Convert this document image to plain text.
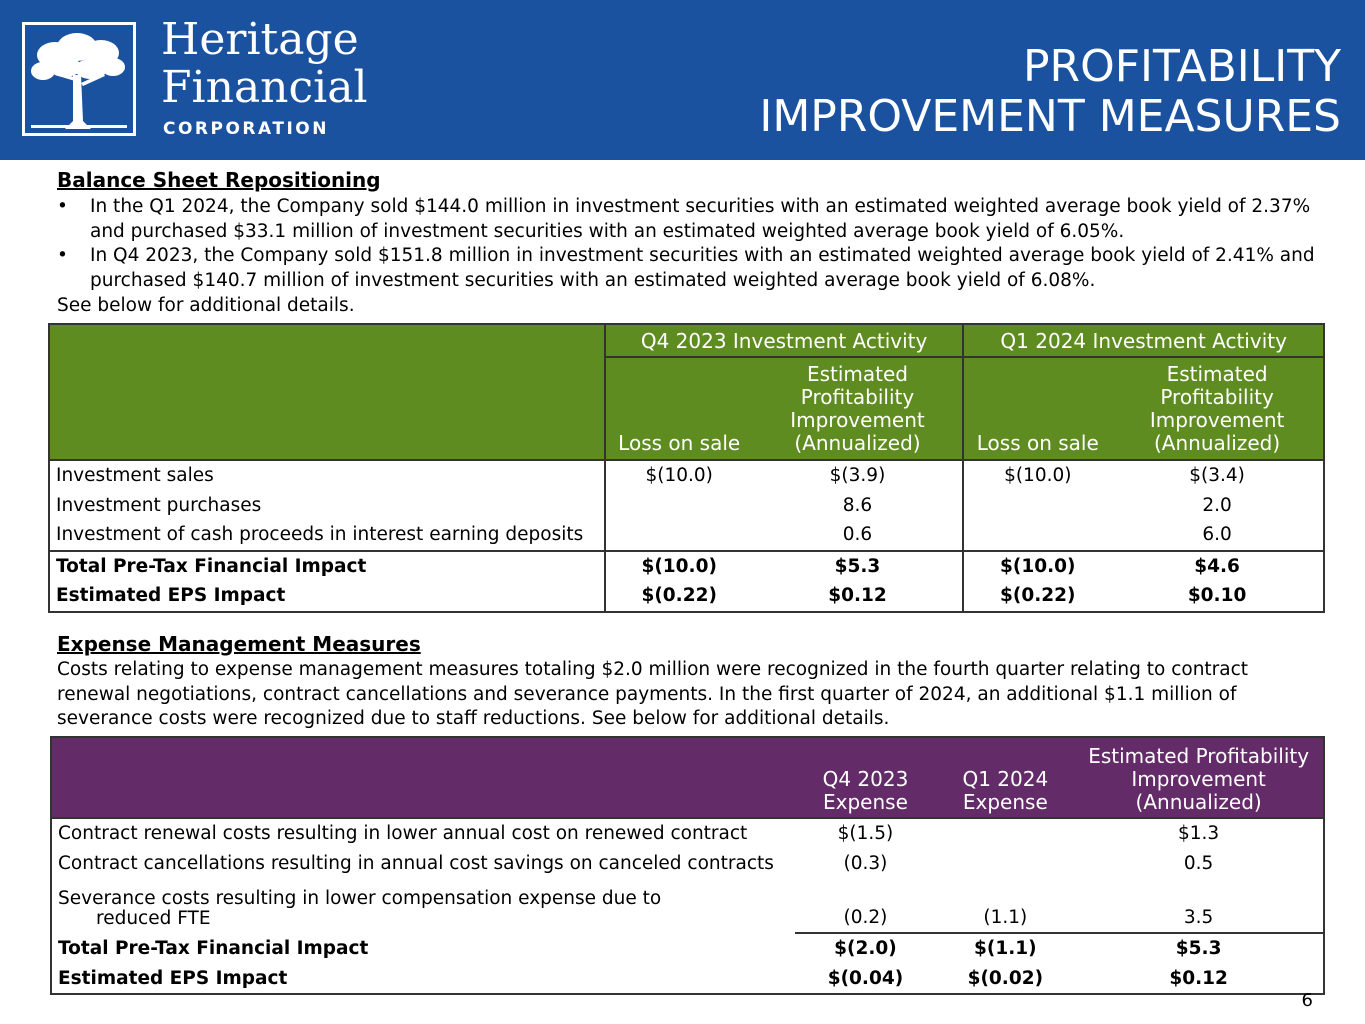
Heritage
Financial
CORPORATION
PROFITABILITY
IMPROVEMENT MEASURES
Balance Sheet Repositioning
• In the Q1 2024, the Company sold $144.0 million in investment securities with an estimated weighted average book yield of 2.37% and purchased $33.1 million of investment securities with an estimated weighted average book yield of 6.05%.
• In Q4 2023, the Company sold $151.8 million in investment securities with an estimated weighted average book yield of 2.41% and purchased $140.7 million of investment securities with an estimated weighted average book yield of 6.08%.
See below for additional details.
	Q4 2023 Investment Activity		Q1 2024 Investment Activity	
	Loss on sale	Estimated Profitability Improvement (Annualized)	Loss on sale	Estimated Profitability Improvement (Annualized)
Investment sales	$(10.0)	$(3.9)	$(10.0)	$(3.4)
Investment purchases		8.6		2.0
Investment of cash proceeds in interest earning deposits		0.6		6.0
Total Pre-Tax Financial Impact	$(10.0)	$5.3	$(10.0)	$4.6
Estimated EPS Impact	$(0.22)	$0.12	$(0.22)	$0.10
Expense Management Measures
Costs relating to expense management measures totaling $2.0 million were recognized in the fourth quarter relating to contract renewal negotiations, contract cancellations and severance payments. In the first quarter of 2024, an additional $1.1 million of severance costs were recognized due to staff reductions. See below for additional details.
	Q4 2023 Expense	Q1 2024 Expense	Estimated Profitability Improvement (Annualized)
Contract renewal costs resulting in lower annual cost on renewed contract	$(1.5)		$1.3
Contract cancellations resulting in annual cost savings on canceled contracts	(0.3)		0.5

Severance costs resulting in lower compensation expense due to
reduced FTE	(0.2)	(1.1)	3.5
Total Pre-Tax Financial Impact	$(2.0)	$(1.1)	$5.3
Estimated EPS Impact	$(0.04)	$(0.02)	$0.12
6
